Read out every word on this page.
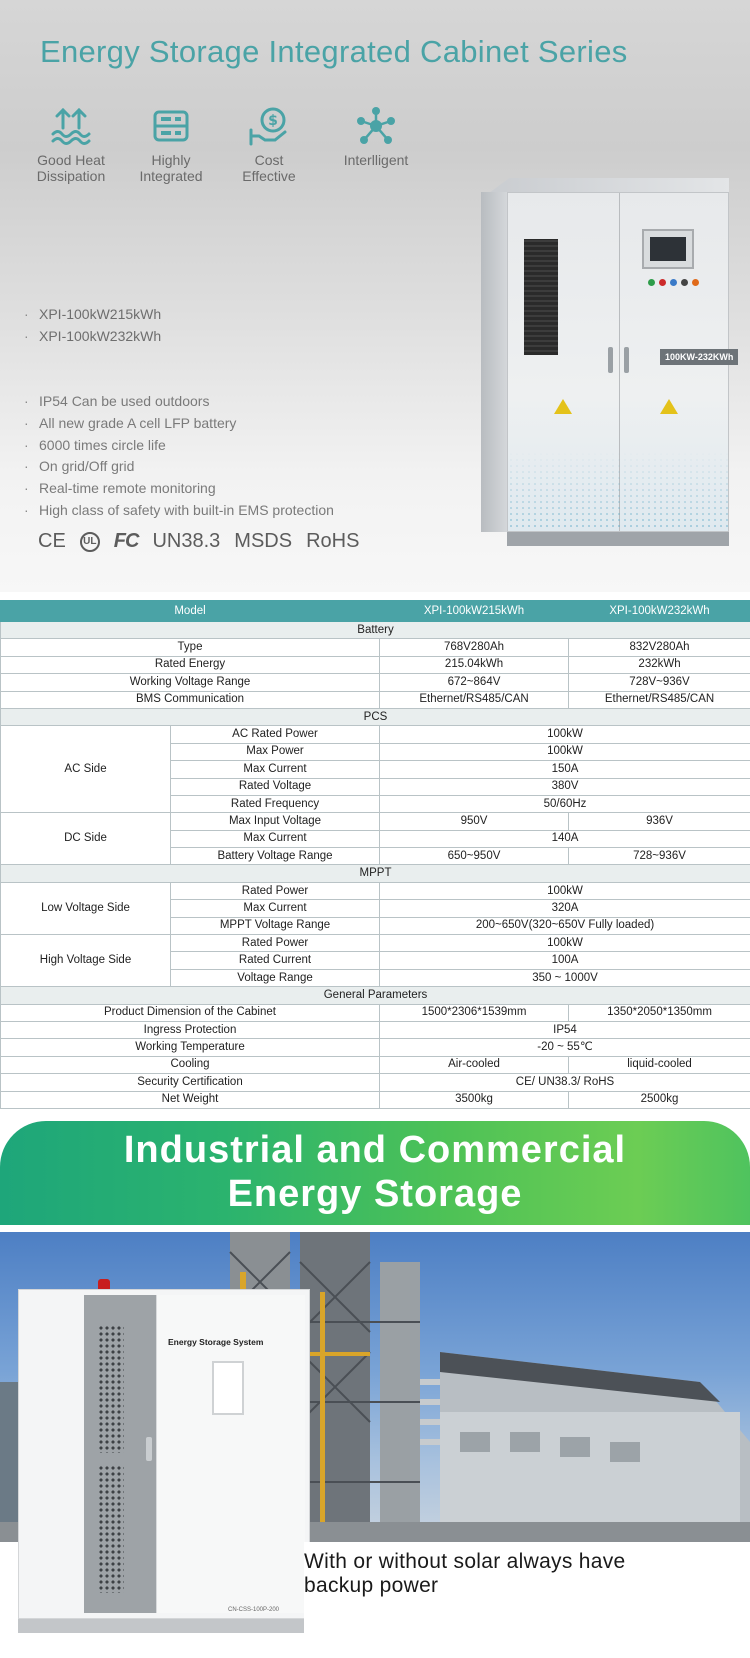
Energy Storage Integrated Cabinet Series
Good Heat
Dissipation
Highly
Integrated
$
Cost
Effective
Interlligent
· XPI-100kW215kWh
· XPI-100kW232kWh
· IP54 Can be used outdoors
· All new grade A cell LFP battery
· 6000 times circle life
· On grid/Off grid
· Real-time remote monitoring
· High class of safety with built-in EMS protection
CE	UL FC UN38.3 MSDS RoHS
100KW-232KWh
Model		XPI-100kW215kWh	XPI-100kW232kWh
Battery			
Type		768V280Ah	832V280Ah
Rated Energy		215.04kWh	232kWh
Working Voltage Range		672~864V	728V~936V
BMS Communication		Ethernet/RS485/CAN	Ethernet/RS485/CAN
PCS			
AC Side	AC Rated Power	100kW	
	Max Power	100kW	
	Max Current	150A	
	Rated Voltage	380V	
	Rated Frequency	50/60Hz	
DC Side	Max Input Voltage	950V	936V
	Max Current	140A	
	Battery Voltage Range	650~950V	728~936V
MPPT			
Low Voltage Side	Rated Power	100kW	
	Max Current	320A	
	MPPT Voltage Range	200~650V(320~650V Fully loaded)	
High Voltage Side	Rated Power	100kW	
	Rated Current	100A	
	Voltage Range	350 ~ 1000V	
General Parameters			
Product Dimension of the Cabinet		1500*2306*1539mm	1350*2050*1350mm
Ingress Protection		IP54	
Working Temperature		-20 ~ 55℃	
Cooling		Air-cooled	liquid-cooled
Security Certification		CE/ UN38.3/ RoHS	
Net Weight		3500kg	2500kg
Industrial and Commercial
Energy Storage
Energy Storage System
CN-CSS-100P-200
With or without solar always have
backup power
